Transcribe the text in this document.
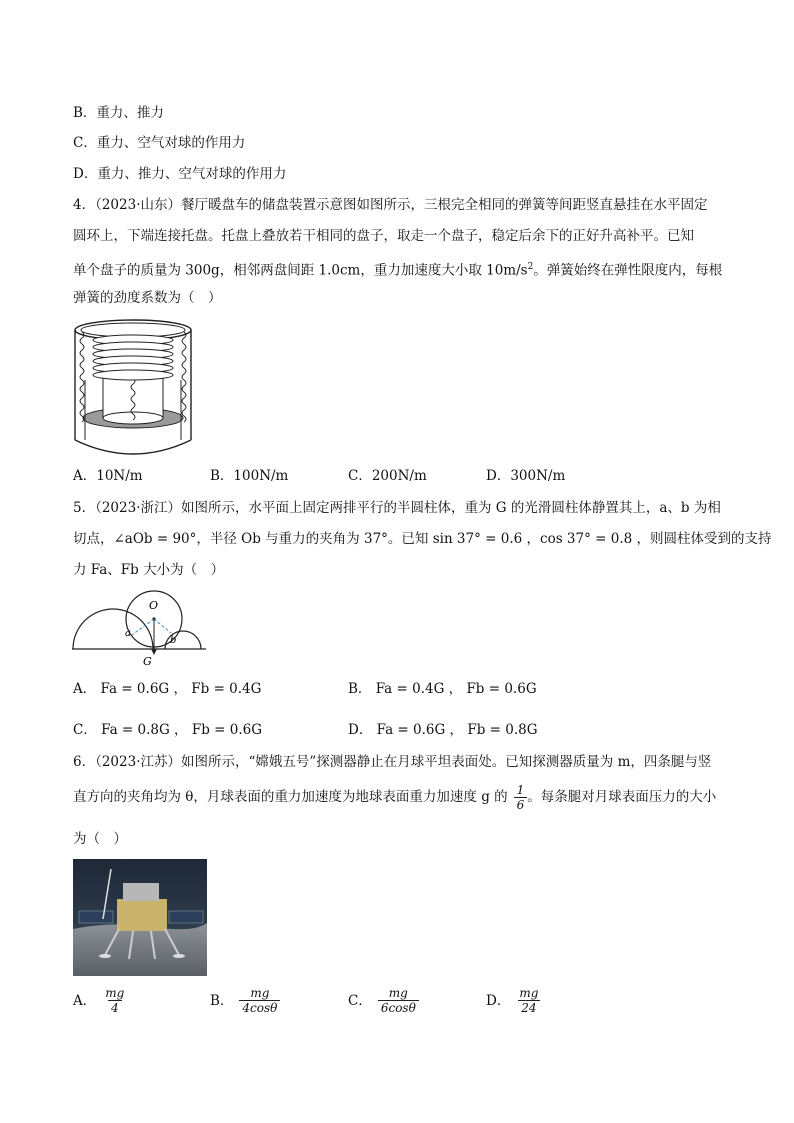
B．重力、推力
C．重力、空气对球的作用力
D．重力、推力、空气对球的作用力
4．（2023·山东）餐厅暖盘车的储盘装置示意图如图所示，三根完全相同的弹簧等间距竖直悬挂在水平固定
圆环上，下端连接托盘。托盘上叠放若干相同的盘子，取走一个盘子，稳定后余下的正好升高补平。已知
单个盘子的质量为 300g，相邻两盘间距 1.0cm，重力加速度大小取 $10m/s^2$。弹簧始终在弹性限度内，每根
弹簧的劲度系数为（　）
A．10N/m	B．100N/m	C．200N/m	D．300N/m
5．（2023·浙江）如图所示，水平面上固定两排平行的半圆柱体，重为 G 的光滑圆柱体静置其上，a、b 为相
切点，∠aOb = 90°，半径 Ob 与重力的夹角为 37°。已知 sin 37° = 0.6 ，cos 37° = 0.8 ，则圆柱体受到的支持
力 Fa、Fb 大小为（　）
O
a
b
G
A． Fa = 0.6G ， Fb = 0.4G	B． Fa = 0.4G ， Fb = 0.6G
C． Fa = 0.8G ， Fb = 0.6G	D． Fa = 0.6G ， Fb = 0.8G
6．（2023·江苏）如图所示，“嫦娥五号”探测器静止在月球平坦表面处。已知探测器质量为 m，四条腿与竖
直方向的夹角均为 θ，月球表面的重力加速度为地球表面重力加速度 g 的 $\frac{1}{6}$ 。每条腿对月球表面压力的大小
为（　）
A． $\frac{mg}{4}$	B． $\frac{mg}{4\cos\theta}$	C． $\frac{mg}{6\cos\theta}$	D． $\frac{mg}{24}$
